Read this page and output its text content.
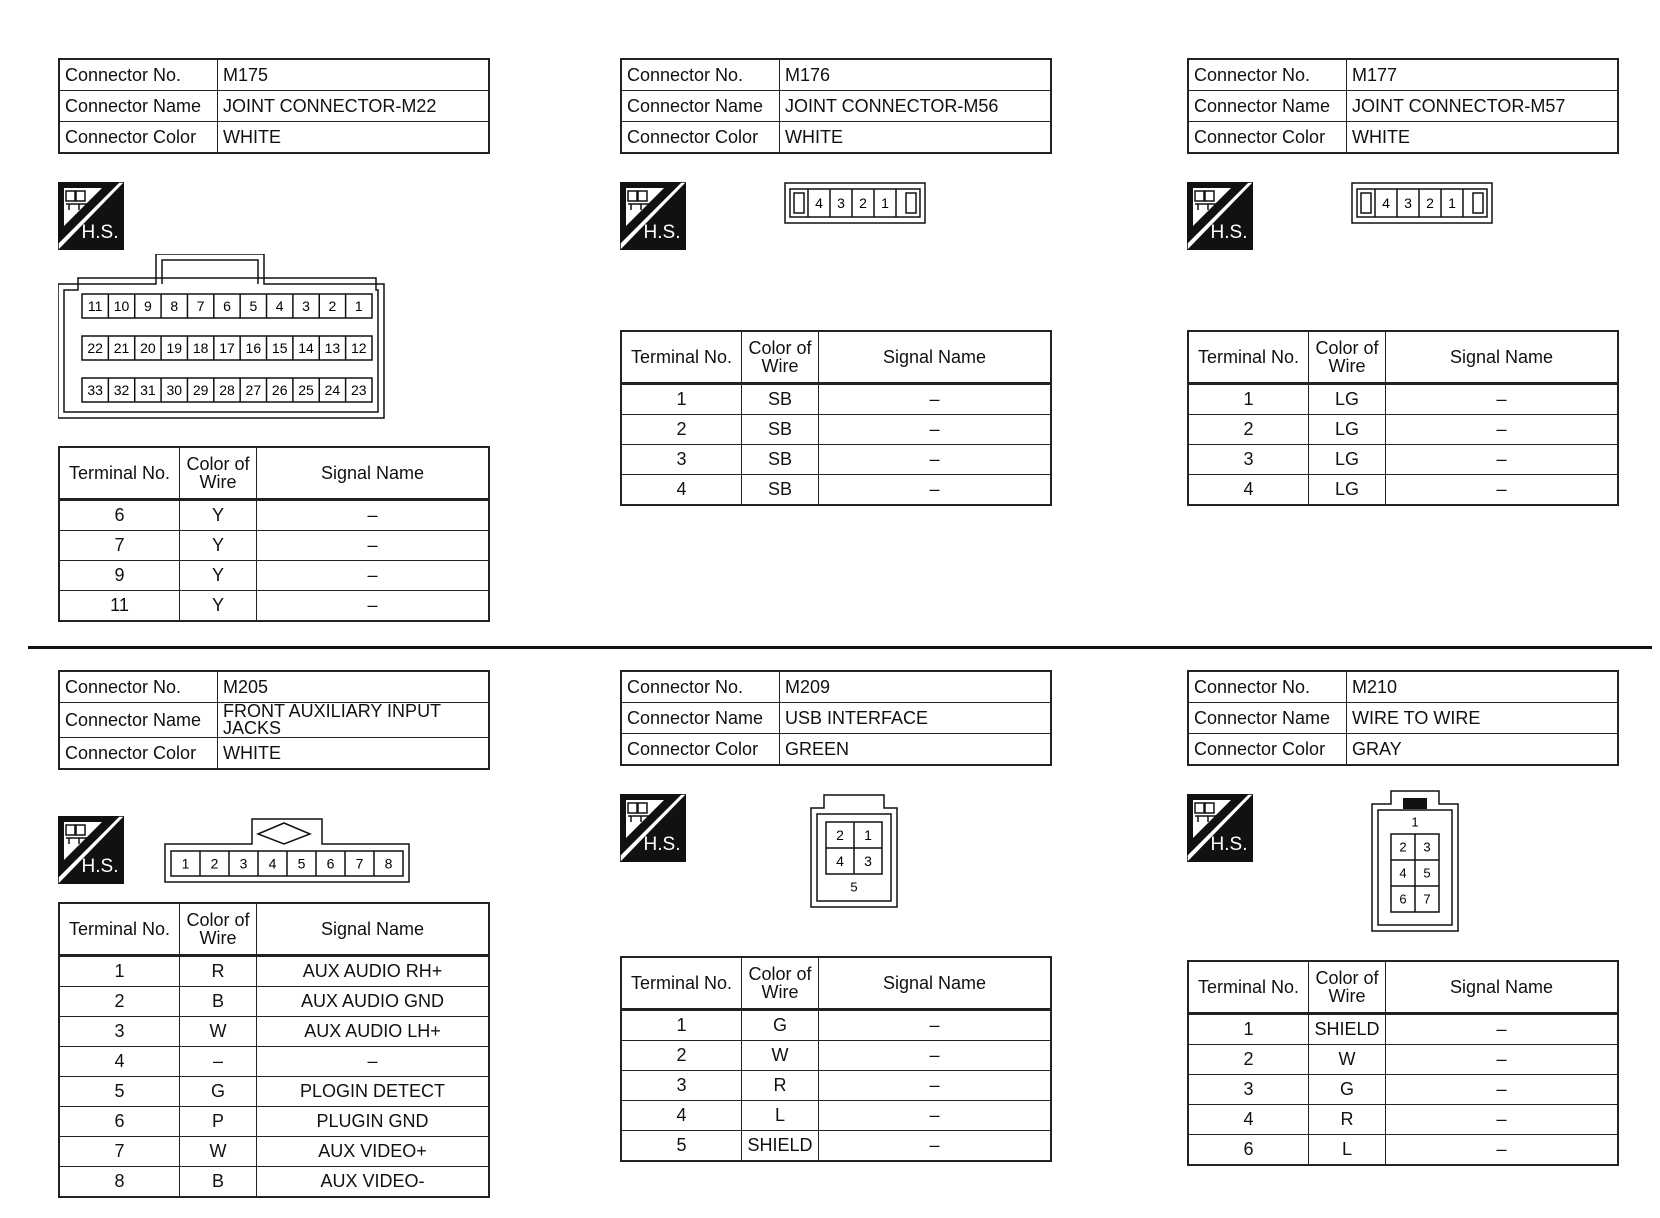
Connector No.	M175
Connector Name	JOINT CONNECTOR-M22
Connector Color	WHITE
H.S.
11 10 9 8 7 6 5 4 3 2 1
22 21 20 19 18 17 16 15 14 13 12
33 32 31 30 29 28 27 26 25 24 23
Terminal No.	Color of Wire	Signal Name
6	Y	–
7	Y	–
9	Y	–
11	Y	–
Connector No.	M176
Connector Name	JOINT CONNECTOR-M56
Connector Color	WHITE
H.S.
4 3 2 1
Terminal No.	Color of Wire	Signal Name
1	SB	–
2	SB	–
3	SB	–
4	SB	–
Connector No.	M177
Connector Name	JOINT CONNECTOR-M57
Connector Color	WHITE
H.S.
4 3 2 1
Terminal No.	Color of Wire	Signal Name
1	LG	–
2	LG	–
3	LG	–
4	LG	–
Connector No.	M205
Connector Name	FRONT AUXILIARY INPUT JACKS
Connector Color	WHITE
H.S.	1 2 3 4 5 6 7 8
Terminal No.	Color of Wire	Signal Name
1	R	AUX AUDIO RH+
2	B	AUX AUDIO GND
3	W	AUX AUDIO LH+
4	–	–
5	G	PLOGIN DETECT
6	P	PLUGIN GND
7	W	AUX VIDEO+
8	B	AUX VIDEO-
Connector No.	M209
Connector Name	USB INTERFACE
Connector Color	GREEN
H.S.	2 1
4 3
5
Terminal No.	Color of Wire	Signal Name
1	G	–
2	W	–
3	R	–
4	L	–
5	SHIELD	–
Connector No.	M210
Connector Name	WIRE TO WIRE
Connector Color	GRAY
H.S.
1
2 3
4 5
6 7
Terminal No.	Color of Wire	Signal Name
1	SHIELD	–
2	W	–
3	G	–
4	R	–
6	L	–
